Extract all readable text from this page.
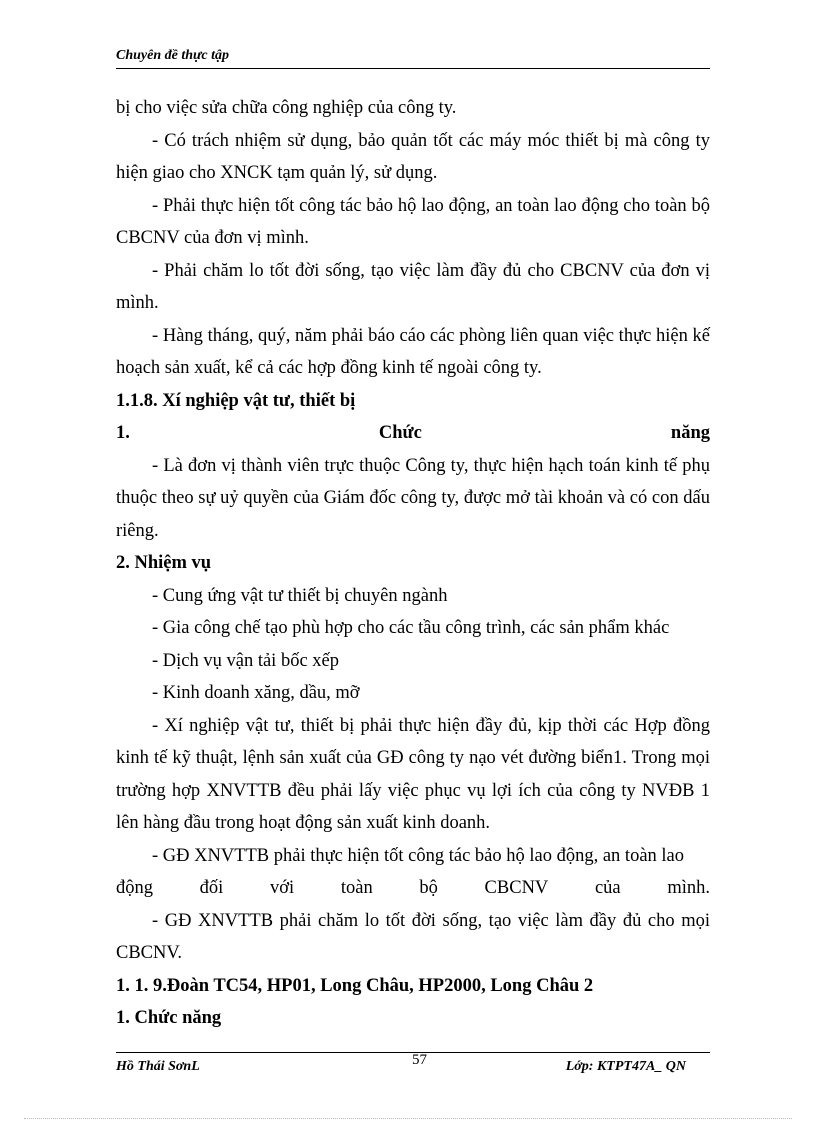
Chuyên đề thực tập

bị cho việc sửa chữa công nghiệp của công ty.

- Có trách nhiệm sử dụng, bảo quản tốt các máy móc thiết bị mà công ty hiện giao cho XNCK tạm quản lý, sử dụng.

- Phải thực hiện tốt công tác bảo hộ lao động, an toàn lao động cho toàn bộ CBCNV của đơn vị mình.

- Phải chăm lo tốt đời sống, tạo việc làm đầy đủ cho CBCNV của đơn vị mình.

- Hàng tháng, quý, năm phải báo cáo các phòng liên quan việc thực hiện kế hoạch sản xuất, kể cả các hợp đồng kinh tế ngoài công ty.

1.1.8. Xí nghiệp vật tư, thiết bị

1.	Chức	năng

- Là đơn vị thành viên trực thuộc Công ty, thực hiện hạch toán kinh tế phụ thuộc theo sự uỷ quyền của Giám đốc công ty, được mở tài khoản và có con dấu riêng.

2. Nhiệm vụ

- Cung ứng vật tư thiết bị chuyên ngành

- Gia công chế tạo phù hợp cho các tầu công trình, các sản phẩm khác

- Dịch vụ vận tải bốc xếp

- Kinh doanh xăng, dầu, mỡ

- Xí nghiệp vật tư, thiết bị phải thực hiện đầy đủ, kịp thời các Hợp đồng kinh tế kỹ thuật, lệnh sản xuất của GĐ công ty nạo vét đường biển1. Trong mọi trường hợp XNVTTB đều phải lấy việc phục vụ lợi ích của công ty NVĐB 1 lên hàng đầu trong hoạt động sản xuất kinh doanh.

- GĐ XNVTTB phải thực hiện tốt công tác bảo hộ lao động, an toàn lao

động	đối	với	toàn	bộ	CBCNV	của	mình.

- GĐ XNVTTB phải chăm lo tốt đời sống, tạo việc làm đầy đủ cho mọi CBCNV.

1. 1. 9.Đoàn TC54, HP01, Long Châu, HP2000, Long Châu 2

1. Chức năng

Hồ Thái SơnL	57	Lớp: KTPT47A_ QN
